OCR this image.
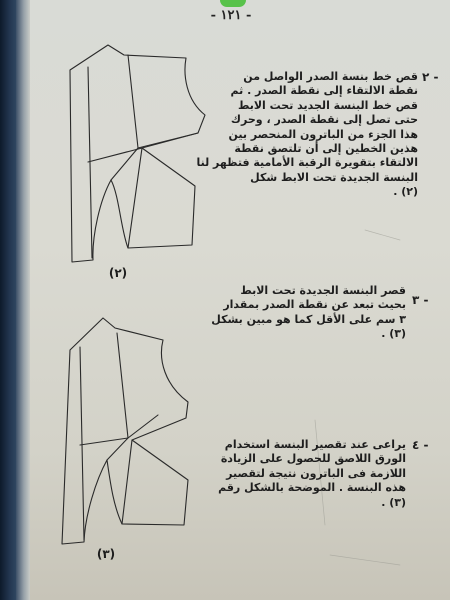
- ١٢١ -
(٢)
(٣)
٢ -
قص خط بنسة الصدر الواصل من
نقطة الالتقاء إلى نقطة الصدر . ثم
قص خط البنسة الجديد تحت الابط
حتى تصل إلى نقطة الصدر ، وحرك
هذا الجزء من الباترون المنحصر بين
هذين الخطين إلى أن تلتصق نقطة
الالتقاء بتقويرة الرقبة الأمامية فتظهر لنا
البنسة الجديدة تحت الابط شكل
(٢) .
٣ -
قصر البنسة الجديدة تحت الابط
بحيث تبعد عن نقطة الصدر بمقدار
٣ سم على الأقل كما هو مبين بشكل
(٣) .
٤ -
يراعى عند تقصير البنسة استخدام
الورق اللاصق للحصول على الزيادة
اللازمة فى الباترون نتيجة لتقصير
هذه البنسة . الموضحة بالشكل رقم
(٣) .
